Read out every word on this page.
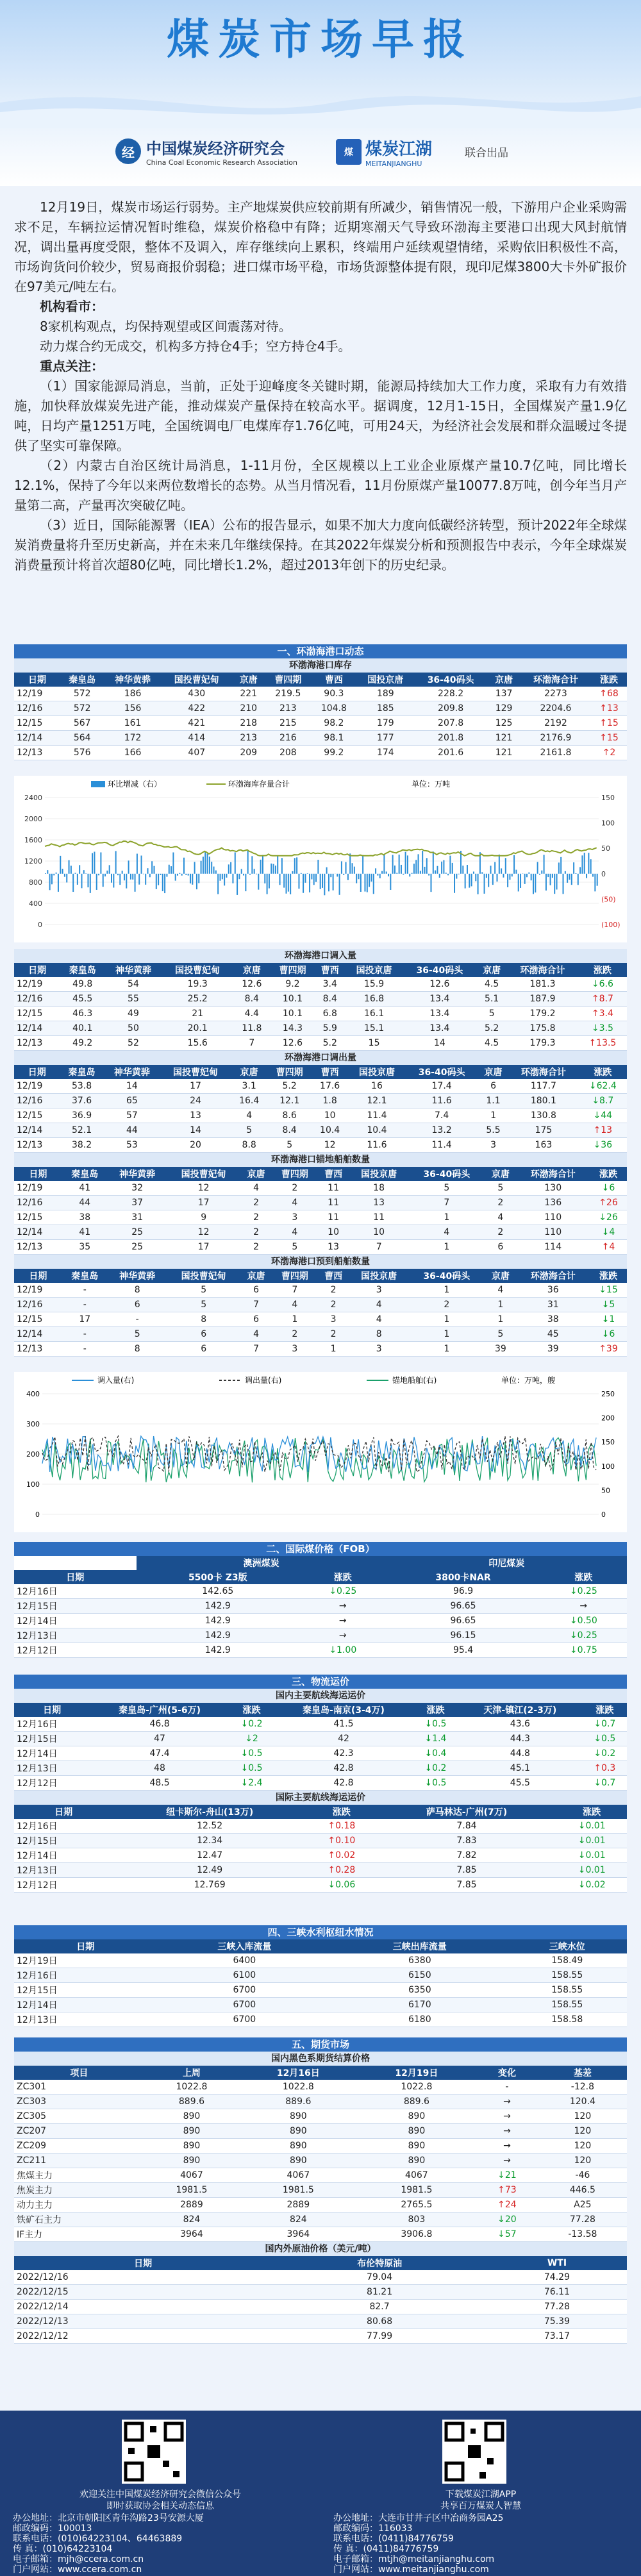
煤炭市场早报
经 中国煤炭经济研究会
China Coal Economic Research Association
煤 煤炭江湖
MEITANJIANGHU
联合出品

12月19日，煤炭市场运行弱势。主产地煤炭供应较前期有所减少，销售情况一般，下游用户企业采购需求不足，车辆拉运情况暂时维稳，煤炭价格稳中有降；近期寒潮天气导致环渤海主要港口出现大风封航情况，调出量再度受限，整体不及调入，库存继续向上累积，终端用户延续观望情绪，采购依旧积极性不高，市场询货问价较少，贸易商报价弱稳；进口煤市场平稳，市场货源整体提有限，现印尼煤3800大卡外矿报价在97美元/吨左右。

机构看市：

8家机构观点，均保持观望或区间震荡对待。

动力煤合约无成交，机构多方持仓4手；空方持仓4手。

重点关注：

（1）国家能源局消息，当前，正处于迎峰度冬关键时期，能源局持续加大工作力度，采取有力有效措施，加快释放煤炭先进产能，推动煤炭产量保持在较高水平。据调度，12月1-15日，全国煤炭产量1.9亿吨，日均产量1251万吨，全国统调电厂电煤库存1.76亿吨，可用24天，为经济社会发展和群众温暖过冬提供了坚实可靠保障。

（2）内蒙古自治区统计局消息，1-11月份，全区规模以上工业企业原煤产量10.7亿吨，同比增长12.1%，保持了今年以来两位数增长的态势。从当月情况看，11月份原煤产量10077.8万吨，创今年当月产量第二高，产量再次突破亿吨。

（3）近日，国际能源署（IEA）公布的报告显示，如果不加大力度向低碳经济转型，预计2022年全球煤炭消费量将升至历史新高，并在未来几年继续保持。在其2022年煤炭分析和预测报告中表示，今年全球煤炭消费量预计将首次超80亿吨，同比增长1.2%，超过2013年创下的历史纪录。

一、环渤海港口动态
环渤海港口库存
日期	秦皇岛	神华黄骅	国投曹妃甸	京唐	曹四期	曹西	国投京唐	36-40码头	京唐	环渤海合计	涨跌
12/19	572	186	430	221	219.5	90.3	189	228.2	137	2273	↑68
12/16	572	156	422	210	213	104.8	185	209.8	129	2204.6	↑13
12/15	567	161	421	218	215	98.2	179	207.8	125	2192	↑15
12/14	564	172	414	213	216	98.1	177	201.8	121	2176.9	↑15
12/13	576	166	407	209	208	99.2	174	201.6	121	2161.8	↑2
2400
2000
1600
1200
800
400
0
150
100
50
0
(50)
(100)
环比增减（右）	环渤海库存量合计	单位：万吨
环渤海港口调入量
日期	秦皇岛	神华黄骅	国投曹妃甸	京唐	曹四期	曹西	国投京唐	36-40码头	京唐	环渤海合计	涨跌
12/19	49.8	54	19.3	12.6	9.2	3.4	15.9	12.6	4.5	181.3	↓6.6
12/16	45.5	55	25.2	8.4	10.1	8.4	16.8	13.4	5.1	187.9	↑8.7
12/15	46.3	49	21	4.4	10.1	6.8	16.1	13.4	5	179.2	↑3.4
12/14	40.1	50	20.1	11.8	14.3	5.9	15.1	13.4	5.2	175.8	↓3.5
12/13	49.2	52	15.6	7	12.6	5.2	15	14	4.5	179.3	↑13.5
环渤海港口调出量
日期	秦皇岛	神华黄骅	国投曹妃甸	京唐	曹四期	曹西	国投京唐	36-40码头	京唐	环渤海合计	涨跌
12/19	53.8	14	17	3.1	5.2	17.6	16	17.4	6	117.7	↓62.4
12/16	37.6	65	24	16.4	12.1	1.8	12.1	11.6	1.1	180.1	↓8.7
12/15	36.9	57	13	4	8.6	10	11.4	7.4	1	130.8	↓44
12/14	52.1	44	14	5	8.4	10.4	10.4	13.2	5.5	175	↑13
12/13	38.2	53	20	8.8	5	12	11.6	11.4	3	163	↓36
环渤海港口锚地船舶数量
日期	秦皇岛	神华黄骅	国投曹妃甸	京唐	曹四期	曹西	国投京唐	36-40码头	京唐	环渤海合计	涨跌
12/19	41	32	12	4	2	11	18	5	5	130	↓6
12/16	44	37	17	2	4	11	13	7	2	136	↑26
12/15	38	31	9	2	3	11	11	1	4	110	↓26
12/14	41	25	12	2	4	10	10	4	2	110	↓4
12/13	35	25	17	2	5	13	7	1	6	114	↑4
环渤海港口预到船舶数量
日期	秦皇岛	神华黄骅	国投曹妃甸	京唐	曹四期	曹西	国投京唐	36-40码头	京唐	环渤海合计	涨跌
12/19	-	8	5	6	7	2	3	1	4	36	↓15
12/16	-	6	5	7	4	2	4	2	1	31	↓5
12/15	17	-	8	6	1	3	4	1	1	38	↓1
12/14	-	5	6	4	2	2	8	1	5	45	↓6
12/13	-	8	6	7	3	1	3	1	39	39	↑39
400
300
200
100
0
250
200
150
100
50
0
调入量(右)	调出量(右)	锚地船舶(右)	单位：万吨，艘
二、国际煤价格（FOB）
	澳洲煤炭		印尼煤炭	
日期	5500卡 Z3版	涨跌	3800卡NAR	涨跌
12月16日	142.65	↓0.25	96.9	↓0.25
12月15日	142.9	→	96.65	→
12月14日	142.9	→	96.65	↓0.50
12月13日	142.9	→	96.15	↓0.25
12月12日	142.9	↓1.00	95.4	↓0.75
三、物流运价
国内主要航线海运运价
日期	秦皇岛-广州(5-6万)	涨跌	秦皇岛-南京(3-4万)	涨跌	天津-镇江(2-3万)	涨跌
12月16日	46.8	↓0.2	41.5	↓0.5	43.6	↓0.7
12月15日	47	↓2	42	↓1.4	44.3	↓0.5
12月14日	47.4	↓0.5	42.3	↓0.4	44.8	↓0.2
12月13日	48	↓0.5	42.8	↓0.2	45.1	↑0.3
12月12日	48.5	↓2.4	42.8	↓0.5	45.5	↓0.7
国际主要航线海运运价
日期	纽卡斯尔-舟山(13万)	涨跌	萨马林达-广州(7万)	涨跌
12月16日	12.52	↑0.18	7.84	↓0.01
12月15日	12.34	↑0.10	7.83	↓0.01
12月14日	12.47	↑0.02	7.82	↓0.01
12月13日	12.49	↑0.28	7.85	↓0.01
12月12日	12.769	↓0.06	7.85	↓0.02
四、三峡水利枢纽水情况
日期	三峡入库流量	三峡出库流量	三峡水位
12月19日	6400	6380	158.49
12月16日	6100	6150	158.55
12月15日	6700	6350	158.55
12月14日	6700	6170	158.55
12月13日	6700	6180	158.58
五、期货市场
国内黑色系期货结算价格
项目	上周	12月16日	12月19日	变化	基差
ZC301	1022.8	1022.8	1022.8	-	-12.8
ZC303	889.6	889.6	889.6	→	120.4
ZC305	890	890	890	→	120
ZC207	890	890	890	→	120
ZC209	890	890	890	→	120
ZC211	890	890	890	→	120
焦煤主力	4067	4067	4067	↓21	-46
焦炭主力	1981.5	1981.5	1981.5	↑73	446.5
动力主力	2889	2889	2765.5	↑24	A25
铁矿石主力	824	824	803	↓20	77.28
IF主力	3964	3964	3906.8	↓57	-13.58
国内外原油价格（美元/吨）
日期	布伦特原油	WTI
2022/12/16	79.04	74.29
2022/12/15	81.21	76.11
2022/12/14	82.7	77.28
2022/12/13	80.68	75.39
2022/12/12	77.99	73.17
欢迎关注中国煤炭经济研究会微信公众号
即时获取协会相关动态信息
下载煤炭江湖APP
共享百万煤炭人智慧
办公地址：北京市朝阳区青年沟路23号安源大厦
邮政编码：100013
联系电话：(010)64223104、64463889
传 真：(010)64223104
电子邮箱：mjh@ccera.com.cn
门户网站：www.ccera.com.cn
办公地址：大连市甘井子区中冶商务园A25
邮政编码：116033
联系电话：(0411)84776759
传 真：(0411)84776759
电子邮箱：mtjh@meitanjianghu.com
门户网站：www.meitanjianghu.com
